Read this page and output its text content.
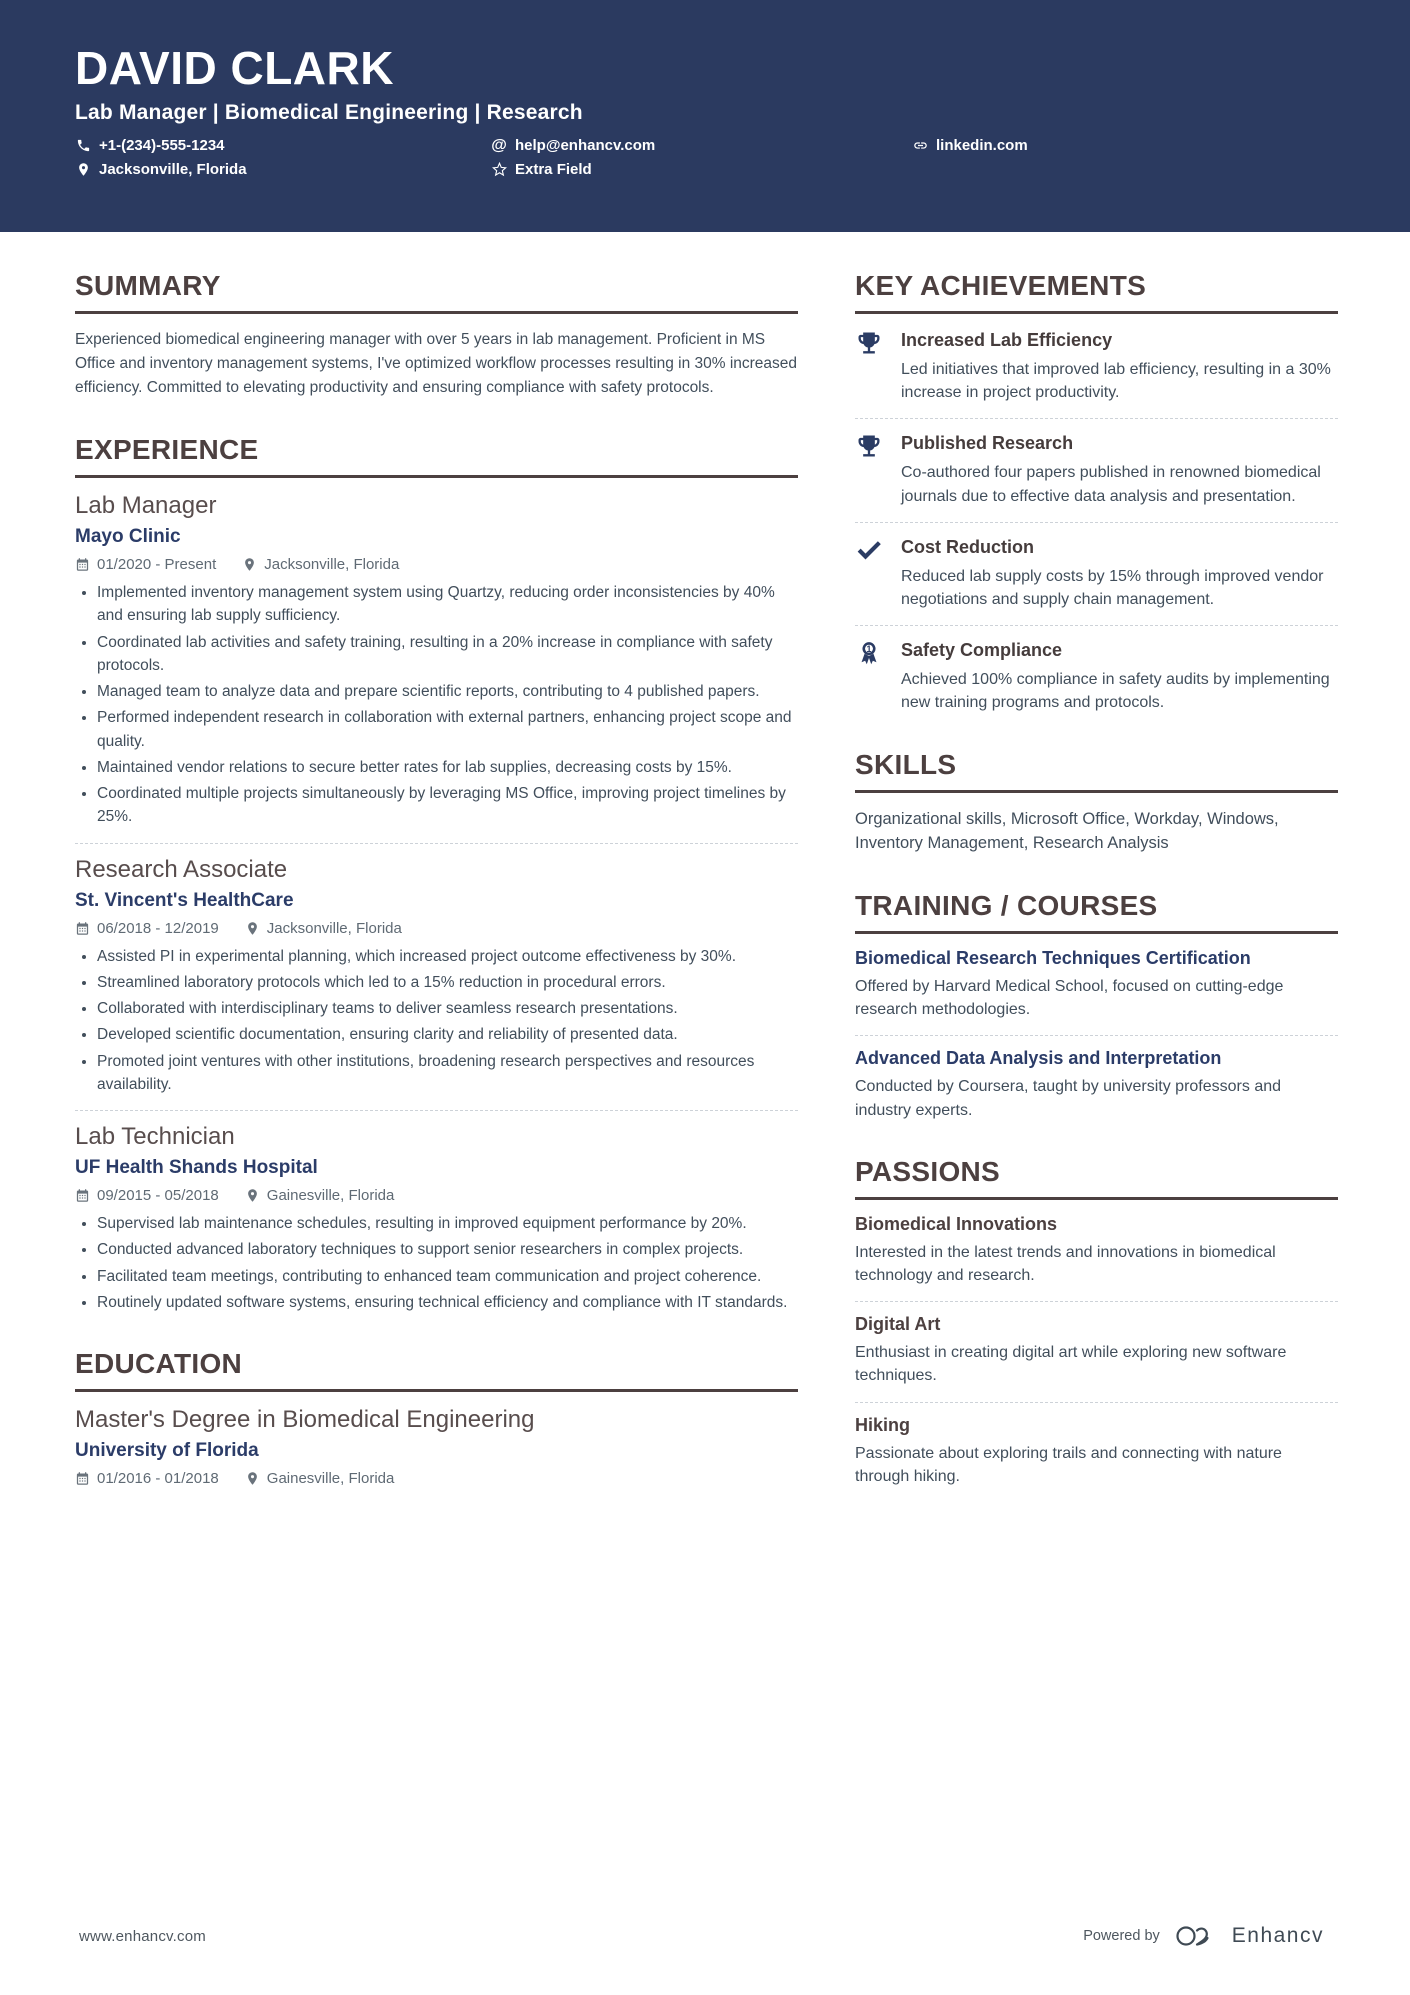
DAVID CLARK
Lab Manager | Biomedical Engineering | Research
+1-(234)-555-1234	@ help@enhancv.com	linkedin.com
Jacksonville, Florida	Extra Field
SUMMARY
Experienced biomedical engineering manager with over 5 years in lab management. Proficient in MS Office and inventory management systems, I've optimized workflow processes resulting in 30% increased efficiency. Committed to elevating productivity and ensuring compliance with safety protocols.
EXPERIENCE
Lab Manager
Mayo Clinic
01/2020 - Present	Jacksonville, Florida
• Implemented inventory management system using Quartzy, reducing order inconsistencies by 40% and ensuring lab supply sufficiency.
• Coordinated lab activities and safety training, resulting in a 20% increase in compliance with safety protocols.
• Managed team to analyze data and prepare scientific reports, contributing to 4 published papers.
• Performed independent research in collaboration with external partners, enhancing project scope and quality.
• Maintained vendor relations to secure better rates for lab supplies, decreasing costs by 15%.
• Coordinated multiple projects simultaneously by leveraging MS Office, improving project timelines by 25%.
Research Associate
St. Vincent's HealthCare
06/2018 - 12/2019	Jacksonville, Florida
• Assisted PI in experimental planning, which increased project outcome effectiveness by 30%.
• Streamlined laboratory protocols which led to a 15% reduction in procedural errors.
• Collaborated with interdisciplinary teams to deliver seamless research presentations.
• Developed scientific documentation, ensuring clarity and reliability of presented data.
• Promoted joint ventures with other institutions, broadening research perspectives and resources availability.
Lab Technician
UF Health Shands Hospital
09/2015 - 05/2018	Gainesville, Florida
• Supervised lab maintenance schedules, resulting in improved equipment performance by 20%.
• Conducted advanced laboratory techniques to support senior researchers in complex projects.
• Facilitated team meetings, contributing to enhanced team communication and project coherence.
• Routinely updated software systems, ensuring technical efficiency and compliance with IT standards.
EDUCATION
Master's Degree in Biomedical Engineering
University of Florida
01/2016 - 01/2018	Gainesville, Florida
KEY ACHIEVEMENTS
Increased Lab Efficiency
Led initiatives that improved lab efficiency, resulting in a 30% increase in project productivity.
Published Research
Co-authored four papers published in renowned biomedical journals due to effective data analysis and presentation.
Cost Reduction
Reduced lab supply costs by 15% through improved vendor negotiations and supply chain management.
1 Safety Compliance
Achieved 100% compliance in safety audits by implementing new training programs and protocols.
SKILLS
Organizational skills, Microsoft Office, Workday, Windows, Inventory Management, Research Analysis
TRAINING / COURSES
Biomedical Research Techniques Certification
Offered by Harvard Medical School, focused on cutting-edge research methodologies.
Advanced Data Analysis and Interpretation
Conducted by Coursera, taught by university professors and industry experts.
PASSIONS
Biomedical Innovations
Interested in the latest trends and innovations in biomedical technology and research.
Digital Art
Enthusiast in creating digital art while exploring new software techniques.
Hiking
Passionate about exploring trails and connecting with nature through hiking.
www.enhancv.com	Powered by	Enhancv
